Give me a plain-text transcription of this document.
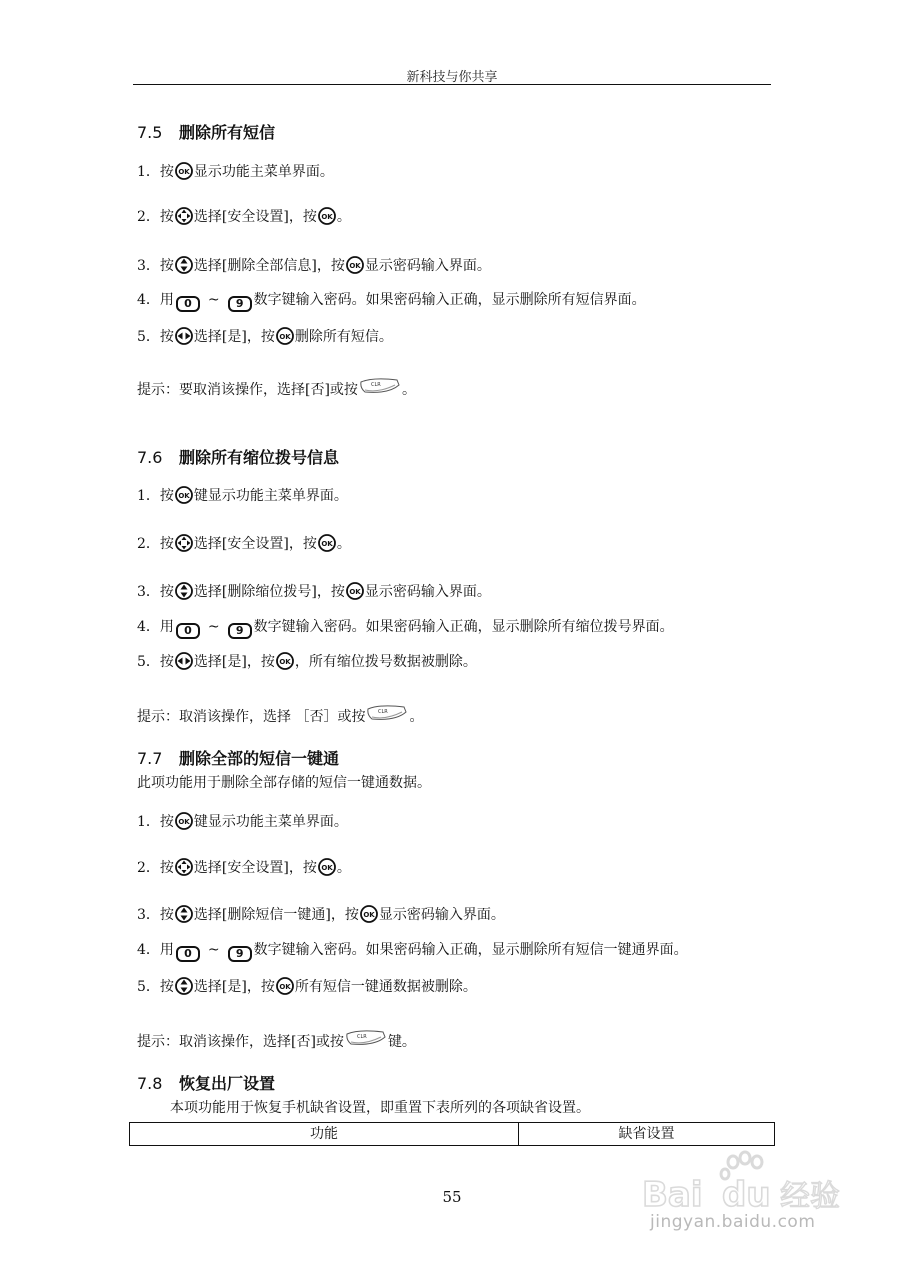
新科技与你共享
7.5 删除所有短信
1．按 显示功能主菜单界面。
2．按 选择[安全设置]，按 。
3．按 选择[删除全部信息]，按 显示密码输入界面。
4．用 0 ~ 9 数字键输入密码。如果密码输入正确，显示删除所有短信界面。
5．按 选择[是]，按 删除所有短信。
提示：要取消该操作，选择[否]或按	。
7.6 删除所有缩位拨号信息
1．按 键显示功能主菜单界面。
2．按 选择[安全设置]，按 。
3．按 选择[删除缩位拨号]，按 显示密码输入界面。
4．用 0 ~ 9 数字键输入密码。如果密码输入正确，显示删除所有缩位拨号界面。
5．按 选择[是]，按 ，所有缩位拨号数据被删除。
提示：取消该操作，选择 ［否］或按	。
7.7 删除全部的短信一键通
此项功能用于删除全部存储的短信一键通数据。
1．按 键显示功能主菜单界面。
2．按 选择[安全设置]，按 。
3．按 选择[删除短信一键通]，按 显示密码输入界面。
4．用 0 ~ 9 数字键输入密码。如果密码输入正确，显示删除所有短信一键通界面。
5．按 选择[是]，按 所有短信一键通数据被删除。
提示：取消该操作，选择[否]或按	键。
7.8 恢复出厂设置
本项功能用于恢复手机缺省设置，即重置下表所列的各项缺省设置。
功能	缺省设置
55	Bai du 经验
jingyan.baidu.com
